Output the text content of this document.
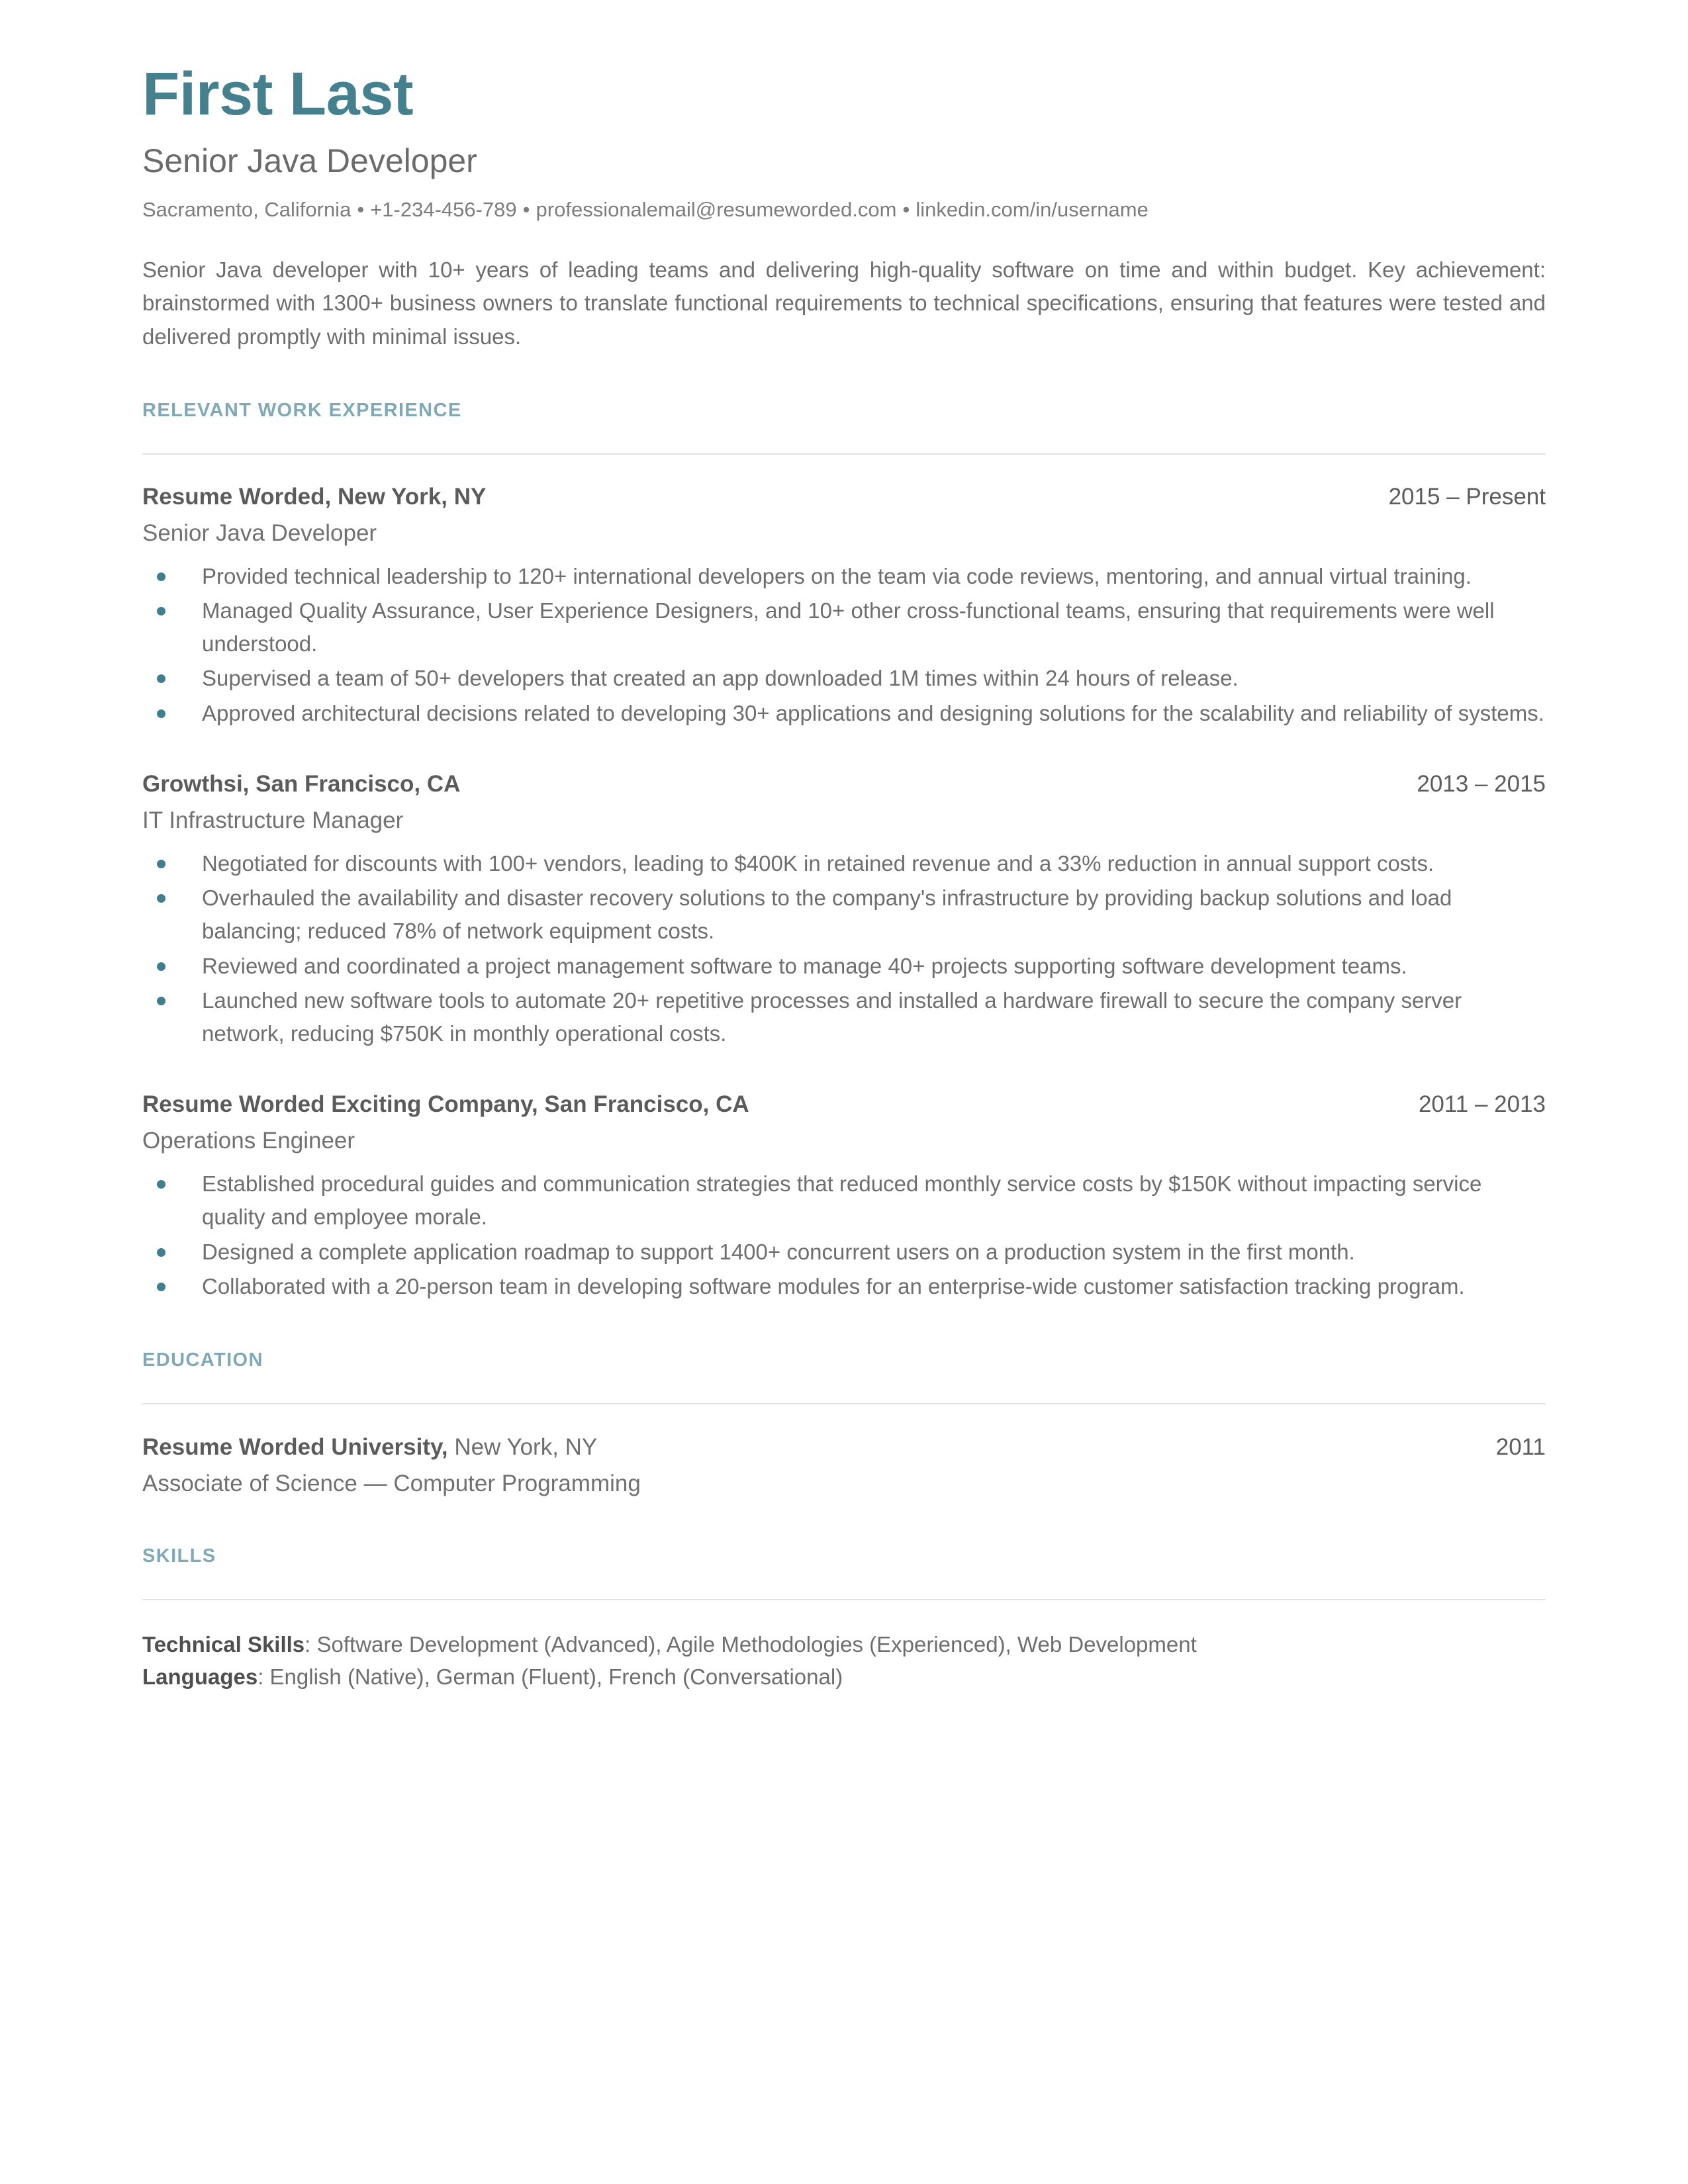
First Last
Senior Java Developer
Sacramento, California • +1-234-456-789 • professionalemail@resumeworded.com • linkedin.com/in/username

Senior Java developer with 10+ years of leading teams and delivering high-quality software on time and within budget. Key achievement: brainstormed with 1300+ business owners to translate functional requirements to technical specifications, ensuring that features were tested and delivered promptly with minimal issues.

RELEVANT WORK EXPERIENCE
Resume Worded, New York, NY	2015 – Present
Senior Java Developer
Provided technical leadership to 120+ international developers on the team via code reviews, mentoring, and annual virtual training.
Managed Quality Assurance, User Experience Designers, and 10+ other cross-functional teams, ensuring that requirements were well understood.
Supervised a team of 50+ developers that created an app downloaded 1M times within 24 hours of release.
Approved architectural decisions related to developing 30+ applications and designing solutions for the scalability and reliability of systems.
Growthsi, San Francisco, CA	2013 – 2015
IT Infrastructure Manager
Negotiated for discounts with 100+ vendors, leading to $400K in retained revenue and a 33% reduction in annual support costs.
Overhauled the availability and disaster recovery solutions to the company's infrastructure by providing backup solutions and load balancing; reduced 78% of network equipment costs.
Reviewed and coordinated a project management software to manage 40+ projects supporting software development teams.
Launched new software tools to automate 20+ repetitive processes and installed a hardware firewall to secure the company server network, reducing $750K in monthly operational costs.
Resume Worded Exciting Company, San Francisco, CA	2011 – 2013
Operations Engineer
Established procedural guides and communication strategies that reduced monthly service costs by $150K without impacting service quality and employee morale.
Designed a complete application roadmap to support 1400+ concurrent users on a production system in the first month.
Collaborated with a 20-person team in developing software modules for an enterprise-wide customer satisfaction tracking program.
EDUCATION
Resume Worded University, New York, NY	2011
Associate of Science — Computer Programming
SKILLS
Technical Skills: Software Development (Advanced), Agile Methodologies (Experienced), Web Development
Languages: English (Native), German (Fluent), French (Conversational)
